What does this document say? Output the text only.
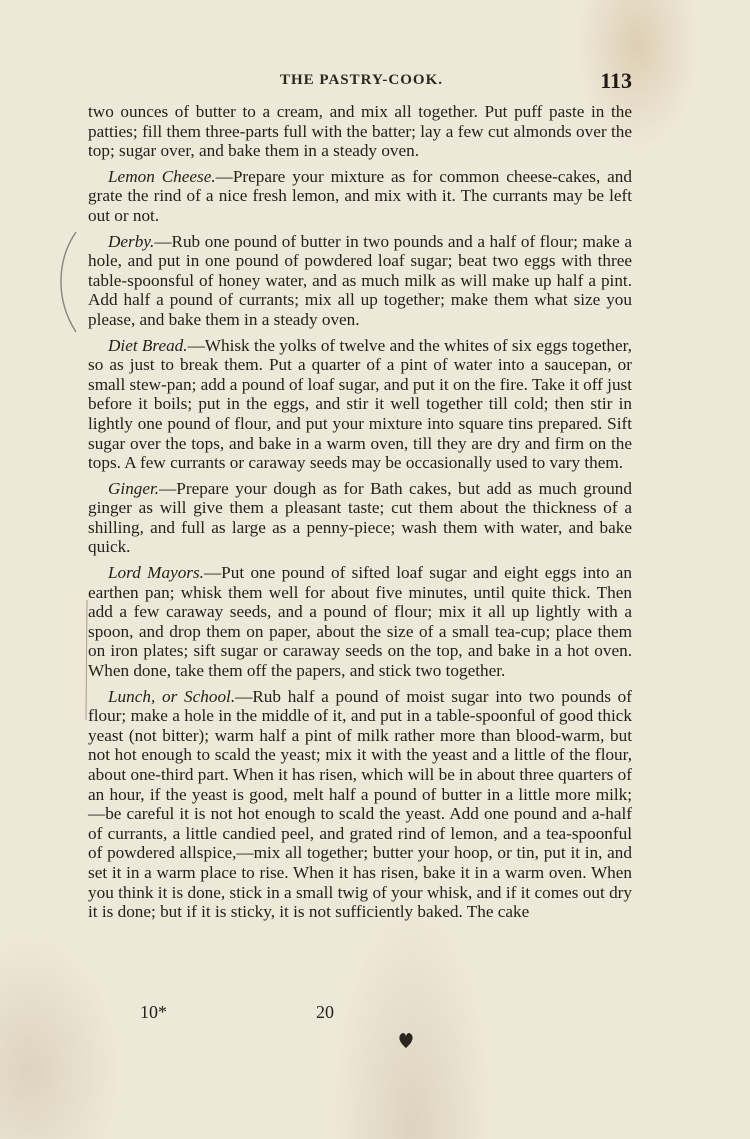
THE PASTRY-COOK.	113

two ounces of butter to a cream, and mix all together. Put puff paste in the patties; fill them three-parts full with the batter; lay a few cut almonds over the top; sugar over, and bake them in a steady oven.

Lemon Cheese.—Prepare your mixture as for common cheese-cakes, and grate the rind of a nice fresh lemon, and mix with it. The currants may be left out or not.

Derby.—Rub one pound of butter in two pounds and a half of flour; make a hole, and put in one pound of powdered loaf sugar; beat two eggs with three table-spoonsful of honey water, and as much milk as will make up half a pint. Add half a pound of currants; mix all up together; make them what size you please, and bake them in a steady oven.

Diet Bread.—Whisk the yolks of twelve and the whites of six eggs together, so as just to break them. Put a quarter of a pint of water into a saucepan, or small stew-pan; add a pound of loaf sugar, and put it on the fire. Take it off just before it boils; put in the eggs, and stir it well together till cold; then stir in lightly one pound of flour, and put your mixture into square tins prepared. Sift sugar over the tops, and bake in a warm oven, till they are dry and firm on the tops. A few currants or caraway seeds may be occasionally used to vary them.

Ginger.—Prepare your dough as for Bath cakes, but add as much ground ginger as will give them a pleasant taste; cut them about the thickness of a shilling, and full as large as a penny-piece; wash them with water, and bake quick.

Lord Mayors.—Put one pound of sifted loaf sugar and eight eggs into an earthen pan; whisk them well for about five minutes, until quite thick. Then add a few caraway seeds, and a pound of flour; mix it all up lightly with a spoon, and drop them on paper, about the size of a small tea-cup; place them on iron plates; sift sugar or caraway seeds on the top, and bake in a hot oven. When done, take them off the papers, and stick two together.

Lunch, or School.—Rub half a pound of moist sugar into two pounds of flour; make a hole in the middle of it, and put in a table-spoonful of good thick yeast (not bitter); warm half a pint of milk rather more than blood-warm, but not hot enough to scald the yeast; mix it with the yeast and a little of the flour, about one-third part. When it has risen, which will be in about three quarters of an hour, if the yeast is good, melt half a pound of butter in a little more milk;—be careful it is not hot enough to scald the yeast. Add one pound and a-half of currants, a little candied peel, and grated rind of lemon, and a tea-spoonful of powdered allspice,—mix all together; butter your hoop, or tin, put it in, and set it in a warm place to rise. When it has risen, bake it in a warm oven. When you think it is done, stick in a small twig of your whisk, and if it comes out dry it is done; but if it is sticky, it is not sufficiently baked. The cake

10*	20
